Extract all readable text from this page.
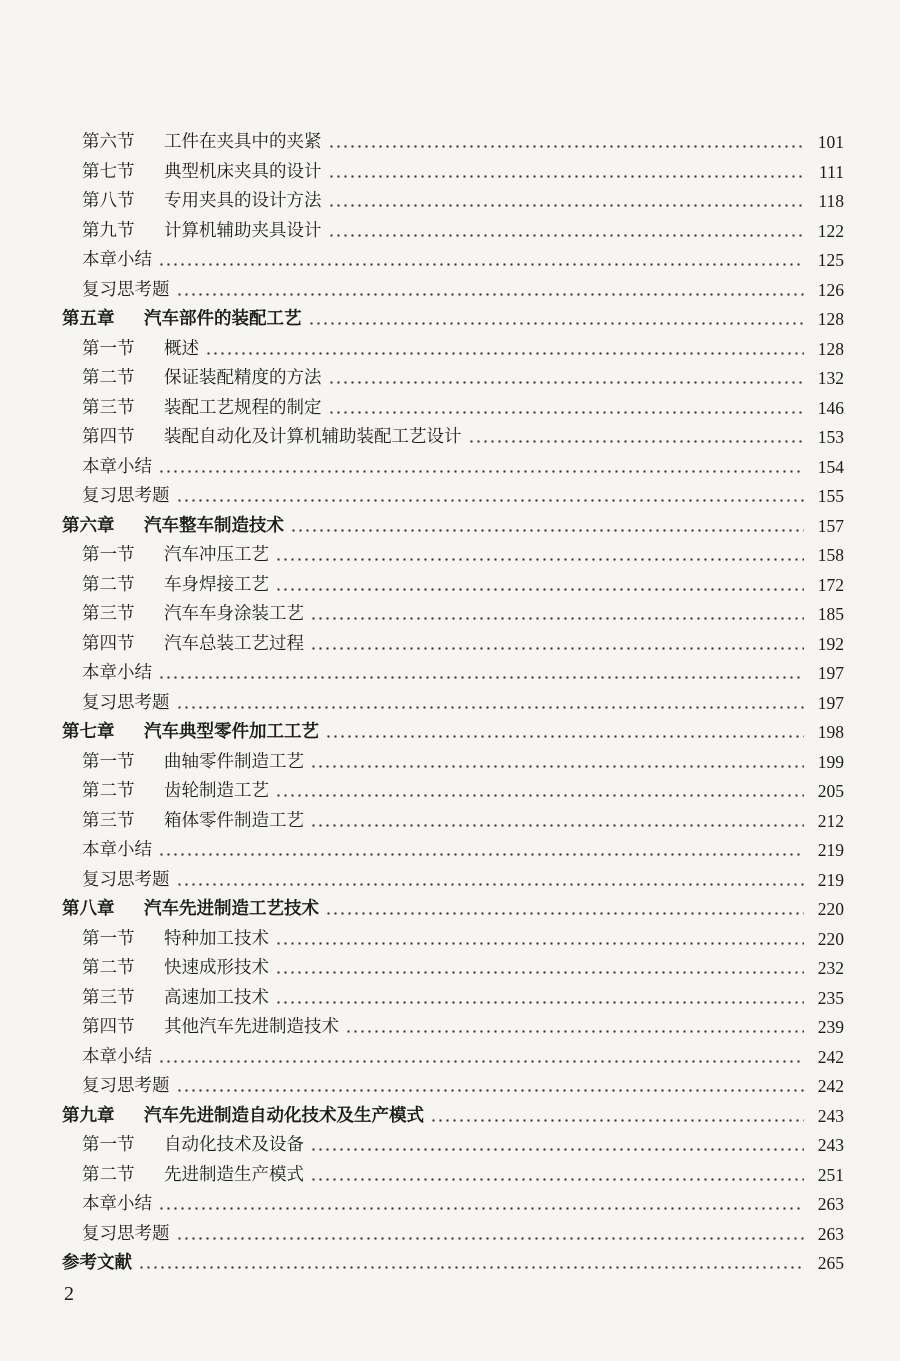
第六节 工件在夹具中的夹紧	101
第七节 典型机床夹具的设计	111
第八节 专用夹具的设计方法	118
第九节 计算机辅助夹具设计	122
本章小结	125
复习思考题	126
第五章 汽车部件的装配工艺	128
第一节 概述	128
第二节 保证装配精度的方法	132
第三节 装配工艺规程的制定	146
第四节 装配自动化及计算机辅助装配工艺设计	153
本章小结	154
复习思考题	155
第六章 汽车整车制造技术	157
第一节 汽车冲压工艺	158
第二节 车身焊接工艺	172
第三节 汽车车身涂装工艺	185
第四节 汽车总装工艺过程	192
本章小结	197
复习思考题	197
第七章 汽车典型零件加工工艺	198
第一节 曲轴零件制造工艺	199
第二节 齿轮制造工艺	205
第三节 箱体零件制造工艺	212
本章小结	219
复习思考题	219
第八章 汽车先进制造工艺技术	220
第一节 特种加工技术	220
第二节 快速成形技术	232
第三节 高速加工技术	235
第四节 其他汽车先进制造技术	239
本章小结	242
复习思考题	242
第九章 汽车先进制造自动化技术及生产模式	243
第一节 自动化技术及设备	243
第二节 先进制造生产模式	251
本章小结	263
复习思考题	263
参考文献	265
2
